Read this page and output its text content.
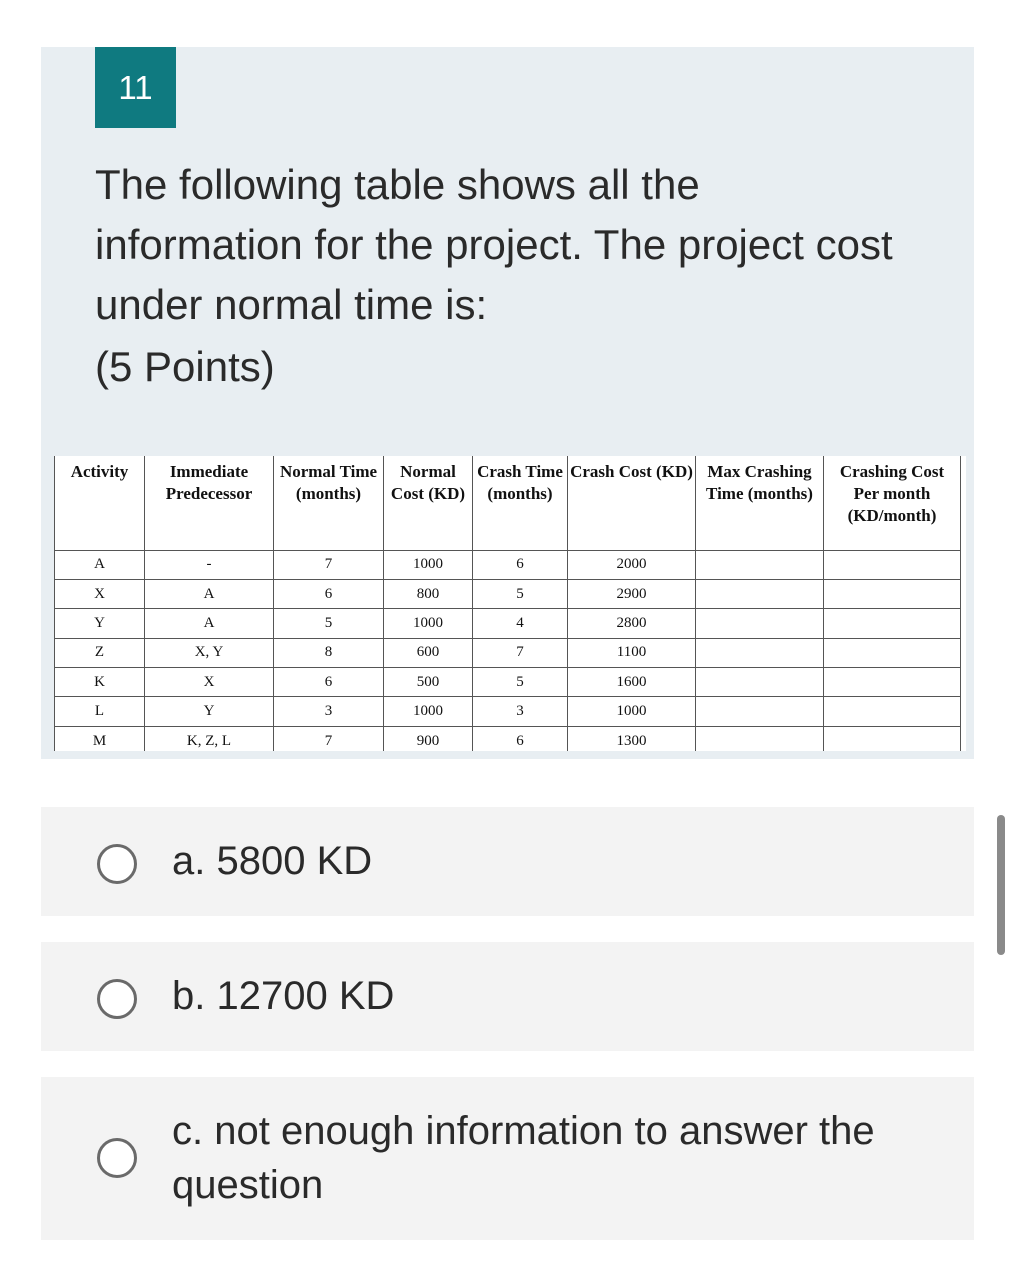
11

The following table shows all the information for the project. The project cost under normal time is:

(5 Points)
Activity	Immediate Predecessor	Normal Time (months)	Normal Cost (KD)	Crash Time (months)	Crash Cost (KD)	Max Crashing Time (months)	Crashing Cost Per month (KD/month)
A	-	7	1000	6	2000		
X	A	6	800	5	2900		
Y	A	5	1000	4	2800		
Z	X, Y	8	600	7	1100		
K	X	6	500	5	1600		
L	Y	3	1000	3	1000		
M	K, Z, L	7	900	6	1300		
a. 5800 KD
b. 12700 KD
c. not enough information to answer the question
